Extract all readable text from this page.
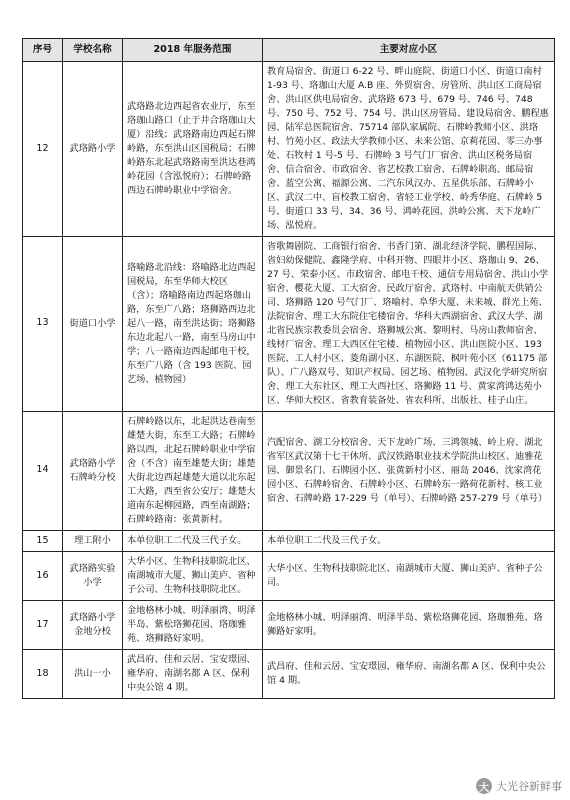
序号	学校名称	2018 年服务范围	主要对应小区
12	武珞路小学	武珞路北边西起省农业厅，东至珞珈山路口（止于井合珞珈山大厦）沿线；武珞路南边西起石牌岭路，东至洪山区国税局；石牌岭路东北起武珞路南至洪达巷鸿岭花园（含泓悦府）；石牌岭路西边石牌岭职业中学宿舍。	教育局宿舍、街道口 6-22 号、畔山庭院、街道口小区、街道口南村 1-93 号、珞珈山大厦 A.B 座、外贸宿舍、房管所、洪山区工商局宿舍、洪山区供电局宿舍、武珞路 673 号、679 号、746 号、748 号、750 号、752 号、754 号、洪山区房管局、建设局宿舍、鹏程惠园、陆军总医院宿舍、75714 部队家属院、石牌岭教师小区、洪珞村、竹苑小区、政法大学教师小区、未来公馆、京莉花园、零三办事处、石牧村 1 号-5 号、石牌岭 3 号气门厂宿舍、洪山区税务局宿舍、信合宿舍、市政宿舍、省艺校教工宿舍、石牌岭职高、邮局宿舍、蓝空公寓、福源公寓、二汽东风汉办、五星供乐部、石牌岭小区、武汉二中、盲校教工宿舍、省轻工业学校、岭秀华庭、石牌岭 5 号、街道口 33 号、34、36 号、鸿岭花园、洪岭公寓、天下龙岭广场、泓悦府。
13	街道口小学	珞喻路北沿线：珞喻路北边西起国税局，东至华师大校区（含）；珞喻路南边西起珞珈山路，东至广八路；珞狮路西边北起八一路，南至洪达街；珞狮路东边北起八一路，南至马房山中学；八一路南边西起邮电干校，东至广八路（含 193 医院、园艺场、植物园）	省歌舞剧院、工商银行宿舍、书香门第、湖北经济学院、鹏程国际、省妇幼保健院、鑫隆学府、中科开物、四眼井小区、珞珈山 9、26、27 号、荣泰小区、市政宿舍、邮电干校、通信专用局宿舍、洪山小学宿舍、樱花大厦、工大宿舍、民政厅宿舍、武珞村、中南航天供销公司、珞狮路 120 号气门厂、珞喻村、阜华大厦、未来城、群光上苑、法院宿舍、理工大东院住宅楼宿舍、华科大西湖宿舍、武汉大学、湖北省民族宗教委员会宿舍、珞狮城公寓、黎明村、马房山教师宿舍、线材厂宿舍、理工大西区住宅楼、植物园小区、洪山医院小区、193 医院、工人村小区、菱角湖小区、东湖医院、枫叶苑小区（61175 部队）、广八路双号、知识产权局、园艺场、植物园、武汉化学研究所宿舍、理工大东社区、理工大西社区、珞狮路 11 号、黄家湾鸿达苑小区、华师大校区、省教育装备处、省农科所、出版社、桂子山庄。
14	武珞路小学石牌岭分校	石牌岭路以东，北起洪达巷南至雄楚大街，东至工大路；石牌岭路以西，北起石牌岭职业中学宿舍（不含）南至雄楚大街；雄楚大街北边西起雄楚大道以北东起工大路，西至省公安厅；雄楚大道南东起柳园路，西至南湖路；石牌岭路南：张黄新村。	汽配宿舍、湖工分校宿舍、天下龙岭广场、三鸿领城、岭上府、湖北省军区武汉第十七干休所、武汉铁路职业技术学院洪山校区、迪雅花园、御景名门、石牌园小区、张黄新村小区、丽岛 2046、沈家湾花园小区、石牌岭宿舍、石牌岭小区、石牌岭东一路荷花新村、核工业宿舍、石牌岭路 17-229 号（单号）、石牌岭路 257-279 号（单号）
15	理工附小	本单位职工二代及三代子女。	本单位职工二代及三代子女。
16	武珞路实验小学	大华小区、生物科技职院北区、南湖城市大厦、狮山美庐、省种子公司、生物科技职院北区。	大华小区、生物科技职院北区、南湖城市大厦、狮山美庐、省种子公司。
17	武珞路小学金地分校	金地格林小城、明泽丽湾、明泽半岛、紫松珞狮花园、珞珈雅苑、珞狮路好家明。	金地格林小城、明泽丽湾、明泽半岛、紫松珞狮花园、珞珈雅苑、珞狮路好家明。
18	洪山一小	武昌府、佳和云居、宝安璟园、雍华府、南湖名都 A 区、保利中央公馆 4 期。	武昌府、佳和云居、宝安璟园、雍华府、南湖名都 A 区、保利中央公馆 4 期。
大 大光谷新鲜事
